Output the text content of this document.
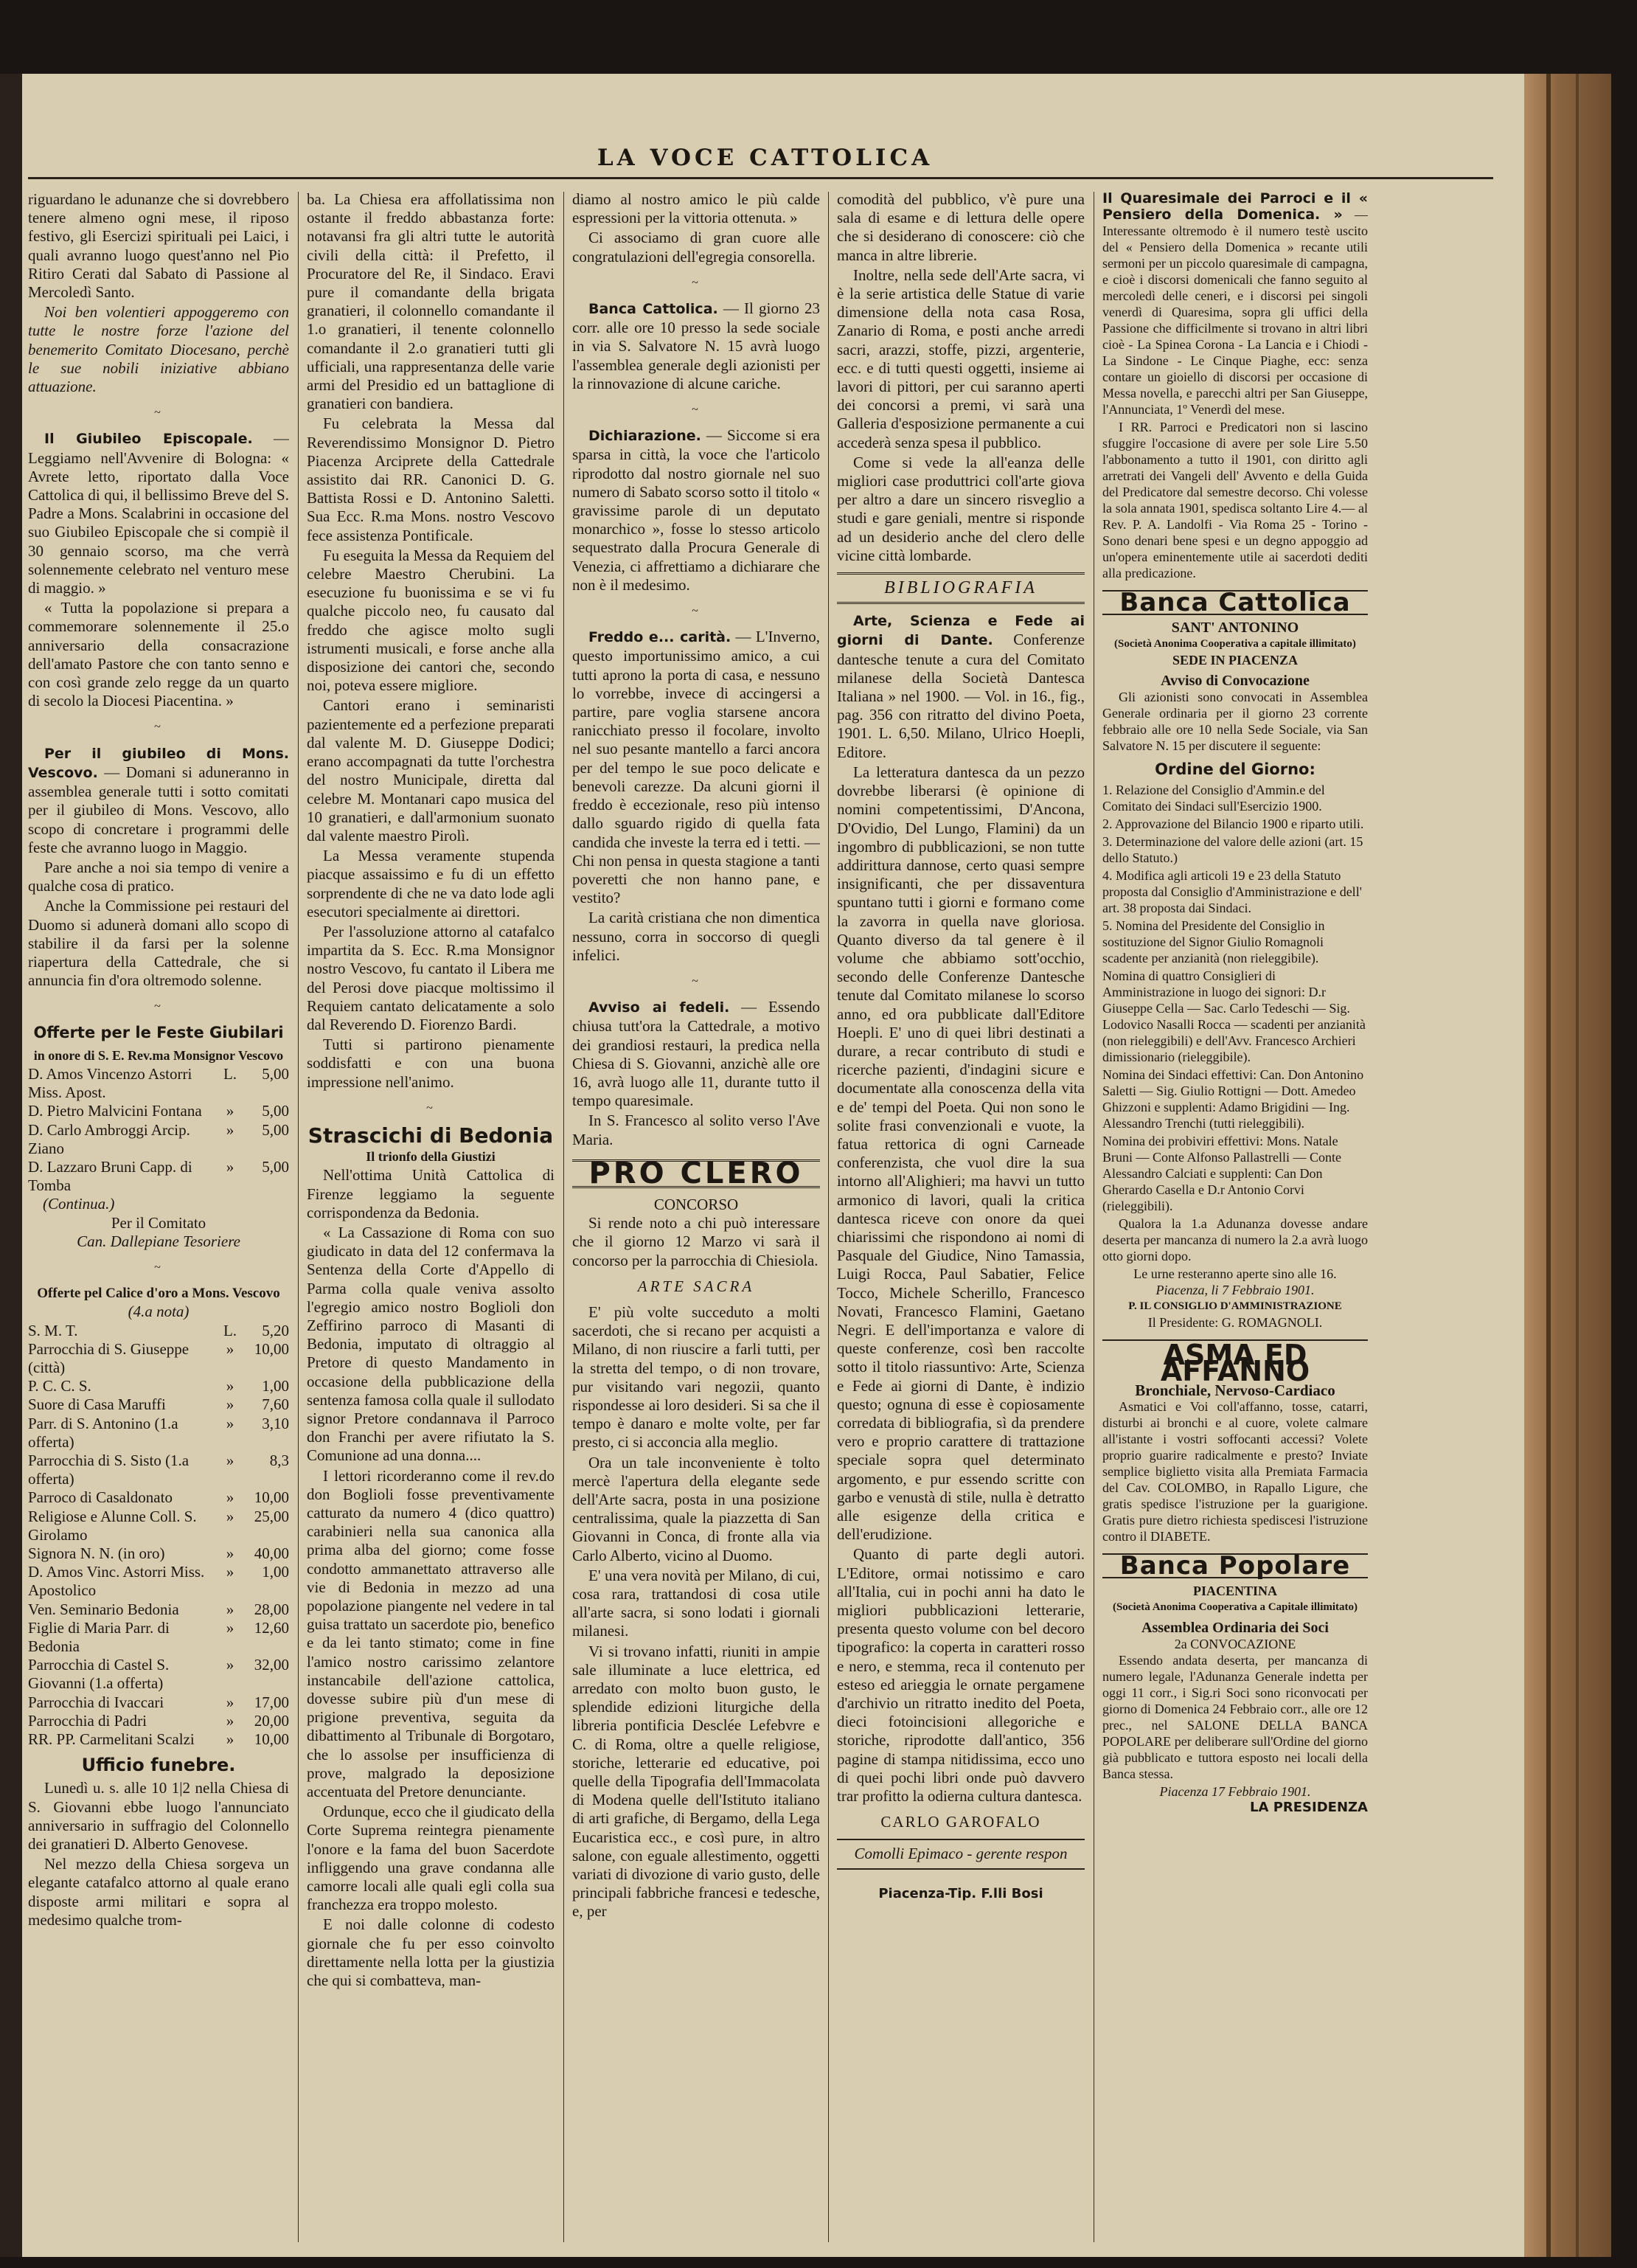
LA VOCE CATTOLICA

riguardano le adunanze che si dovrebbero tenere almeno ogni mese, il riposo festivo, gli Esercizi spirituali pei Laici, i quali avranno luogo quest'anno nel Pio Ritiro Cerati dal Sabato di Passione al Mercoledì Santo.

Noi ben volentieri appoggeremo con tutte le nostre forze l'azione del benemerito Comitato Diocesano, perchè le sue nobili iniziative abbiano attuazione.

~

Il Giubileo Episcopale. — Leggiamo nell'Avvenire di Bologna: « Avrete letto, riportato dalla Voce Cattolica di qui, il bellissimo Breve del S. Padre a Mons. Scalabrini in occasione del suo Giubileo Episcopale che si compiè il 30 gennaio scorso, ma che verrà solennemente celebrato nel venturo mese di maggio. »

« Tutta la popolazione si prepara a commemorare solennemente il 25.o anniversario della consacrazione dell'amato Pastore che con tanto senno e con così grande zelo regge da un quarto di secolo la Diocesi Piacentina. »

~

Per il giubileo di Mons. Vescovo. — Domani si aduneranno in assemblea generale tutti i sotto comitati per il giubileo di Mons. Vescovo, allo scopo di concretare i programmi delle feste che avranno luogo in Maggio.

Pare anche a noi sia tempo di venire a qualche cosa di pratico.

Anche la Commissione pei restauri del Duomo si adunerà domani allo scopo di stabilire il da farsi per la solenne riapertura della Cattedrale, che si annuncia fin d'ora oltremodo solenne.

~
Offerte per le Feste Giubilari
in onore di S. E. Rev.ma Monsignor Vescovo
D. Amos Vincenzo Astorri Miss. Apost.
L.	5,00
D. Pietro Malvicini Fontana	»	5,00
D. Carlo Ambroggi Arcip. Ziano
»	5,00
D. Lazzaro Bruni Capp. di Tomba
»	5,00
(Continua.)
Per il Comitato
Can. Dallepiane Tesoriere
~
Offerte pel Calice d'oro a Mons. Vescovo
(4.a nota)
S. M. T.	L.	5,20
Parrocchia di S. Giuseppe (città)
»	10,00
P. C. C. S.	»	1,00
Suore di Casa Maruffi	»	7,60
Parr. di S. Antonino (1.a offerta)
»	3,10
Parrocchia di S. Sisto (1.a offerta)
»	8,3
Parroco di Casaldonato	»	10,00
Religiose e Alunne Coll. S. Girolamo
»	25,00
Signora N. N. (in oro)	»	40,00
D. Amos Vinc. Astorri Miss. Apostolico
»	1,00
Ven. Seminario Bedonia	»	28,00
Figlie di Maria Parr. di Bedonia
»	12,60
Parrocchia di Castel S. Giovanni (1.a offerta)
»	32,00
Parrocchia di Ivaccari	»	17,00
Parrocchia di Padri	»	20,00
RR. PP. Carmelitani Scalzi	»	10,00
Ufficio funebre.

Lunedì u. s. alle 10 1|2 nella Chiesa di S. Giovanni ebbe luogo l'annunciato anniversario in suffragio del Colonnello dei granatieri D. Alberto Genovese.

Nel mezzo della Chiesa sorgeva un elegante catafalco attorno al quale erano disposte armi militari e sopra al medesimo qualche trom-

ba. La Chiesa era affollatissima non ostante il freddo abbastanza forte: notavansi fra gli altri tutte le autorità civili della città: il Prefetto, il Procuratore del Re, il Sindaco. Eravi pure il comandante della brigata granatieri, il colonnello comandante il 1.o granatieri, il tenente colonnello comandante il 2.o granatieri tutti gli ufficiali, una rappresentanza delle varie armi del Presidio ed un battaglione di granatieri con bandiera.

Fu celebrata la Messa dal Reverendissimo Monsignor D. Pietro Piacenza Arciprete della Cattedrale assistito dai RR. Canonici D. G. Battista Rossi e D. Antonino Saletti. Sua Ecc. R.ma Mons. nostro Vescovo fece assistenza Pontificale.

Fu eseguita la Messa da Requiem del celebre Maestro Cherubini. La esecuzione fu buonissima e se vi fu qualche piccolo neo, fu causato dal freddo che agisce molto sugli istrumenti musicali, e forse anche alla disposizione dei cantori che, secondo noi, poteva essere migliore.

Cantori erano i seminaristi pazientemente ed a perfezione preparati dal valente M. D. Giuseppe Dodici; erano accompagnati da tutte l'orchestra del nostro Municipale, diretta dal celebre M. Montanari capo musica del 10 granatieri, e dall'armonium suonato dal valente maestro Pirolì.

La Messa veramente stupenda piacque assaissimo e fu di un effetto sorprendente di che ne va dato lode agli esecutori specialmente ai direttori.

Per l'assoluzione attorno al catafalco impartita da S. Ecc. R.ma Monsignor nostro Vescovo, fu cantato il Libera me del Perosi dove piacque moltissimo il Requiem cantato delicatamente a solo dal Reverendo D. Fiorenzo Bardi.

Tutti si partirono pienamente soddisfatti e con una buona impressione nell'animo.

~
Strascichi di Bedonia
Il trionfo della Giustizi

Nell'ottima Unità Cattolica di Firenze leggiamo la seguente corrispondenza da Bedonia.

« La Cassazione di Roma con suo giudicato in data del 12 confermava la Sentenza della Corte d'Appello di Parma colla quale veniva assolto l'egregio amico nostro Boglioli don Zeffirino parroco di Masanti di Bedonia, imputato di oltraggio al Pretore di questo Mandamento in occasione della pubblicazione della sentenza famosa colla quale il sullodato signor Pretore condannava il Parroco don Franchi per avere rifiutato la S. Comunione ad una donna....

I lettori ricorderanno come il rev.do don Boglioli fosse preventivamente catturato da numero 4 (dico quattro) carabinieri nella sua canonica alla prima alba del giorno; come fosse condotto ammanettato attraverso alle vie di Bedonia in mezzo ad una popolazione piangente nel vedere in tal guisa trattato un sacerdote pio, benefico e da lei tanto stimato; come in fine l'amico nostro carissimo zelantore instancabile dell'azione cattolica, dovesse subire più d'un mese di prigione preventiva, seguita da dibattimento al Tribunale di Borgotaro, che lo assolse per insufficienza di prove, malgrado la deposizione accentuata del Pretore denunciante.

Ordunque, ecco che il giudicato della Corte Suprema reintegra pienamente l'onore e la fama del buon Sacerdote infliggendo una grave condanna alle camorre locali alle quali egli colla sua franchezza era troppo molesto.

E noi dalle colonne di codesto giornale che fu per esso coinvolto direttamente nella lotta per la giustizia che qui si combatteva, man-

diamo al nostro amico le più calde espressioni per la vittoria ottenuta. »

Ci associamo di gran cuore alle congratulazioni dell'egregia consorella.

~

Banca Cattolica. — Il giorno 23 corr. alle ore 10 presso la sede sociale in via S. Salvatore N. 15 avrà luogo l'assemblea generale degli azionisti per la rinnovazione di alcune cariche.

~

Dichiarazione. — Siccome si era sparsa in città, la voce che l'articolo riprodotto dal nostro giornale nel suo numero di Sabato scorso sotto il titolo « gravissime parole di un deputato monarchico », fosse lo stesso articolo sequestrato dalla Procura Generale di Venezia, ci affrettiamo a dichiarare che non è il medesimo.

~

Freddo e... carità. — L'Inverno, questo importunissimo amico, a cui tutti aprono la porta di casa, e nessuno lo vorrebbe, invece di accingersi a partire, pare voglia starsene ancora ranicchiato presso il focolare, involto nel suo pesante mantello a farci ancora per del tempo le sue poco delicate e benevoli carezze. Da alcuni giorni il freddo è eccezionale, reso più intenso dallo sguardo rigido di quella fata candida che investe la terra ed i tetti. — Chi non pensa in questa stagione a tanti poveretti che non hanno pane, e vestito?

La carità cristiana che non dimentica nessuno, corra in soccorso di quegli infelici.

~

Avviso ai fedeli. — Essendo chiusa tutt'ora la Cattedrale, a motivo dei grandiosi restauri, la predica nella Chiesa di S. Giovanni, anzichè alle ore 16, avrà luogo alle 11, durante tutto il tempo quaresimale.

In S. Francesco al solito verso l'Ave Maria.

PRO CLERO
CONCORSO

Si rende noto a chi può interessare che il giorno 12 Marzo vi sarà il concorso per la parrocchia di Chiesiola.

ARTE SACRA

E' più volte succeduto a molti sacerdoti, che si recano per acquisti a Milano, di non riuscire a farli tutti, per la stretta del tempo, o di non trovare, pur visitando vari negozii, quanto rispondesse ai loro desideri. Si sa che il tempo è danaro e molte volte, per far presto, ci si acconcia alla meglio.

Ora un tale inconveniente è tolto mercè l'apertura della elegante sede dell'Arte sacra, posta in una posizione centralissima, quale la piazzetta di San Giovanni in Conca, di fronte alla via Carlo Alberto, vicino al Duomo.

E' una vera novità per Milano, di cui, cosa rara, trattandosi di cosa utile all'arte sacra, si sono lodati i giornali milanesi.

Vi si trovano infatti, riuniti in ampie sale illuminate a luce elettrica, ed arredato con molto buon gusto, le splendide edizioni liturgiche della libreria pontificia Desclée Lefebvre e C. di Roma, oltre a quelle religiose, storiche, letterarie ed educative, poi quelle della Tipografia dell'Immacolata di Modena quelle dell'Istituto italiano di arti grafiche, di Bergamo, della Lega Eucaristica ecc., e così pure, in altro salone, con eguale allestimento, oggetti variati di divozione di vario gusto, delle principali fabbriche francesi e tedesche, e, per

comodità del pubblico, v'è pure una sala di esame e di lettura delle opere che si desiderano di conoscere: ciò che manca in altre librerie.

Inoltre, nella sede dell'Arte sacra, vi è la serie artistica delle Statue di varie dimensione della nota casa Rosa, Zanario di Roma, e posti anche arredi sacri, arazzi, stoffe, pizzi, argenterie, ecc. e di tutti questi oggetti, insieme ai lavori di pittori, per cui saranno aperti dei concorsi a premi, vi sarà una Galleria d'esposizione permanente a cui accederà senza spesa il pubblico.

Come si vede la all'eanza delle migliori case produttrici coll'arte giova per altro a dare un sincero risveglio a studi e gare geniali, mentre si risponde ad un desiderio anche del clero delle vicine città lombarde.

BIBLIOGRAFIA

Arte, Scienza e Fede ai giorni di Dante. Conferenze dantesche tenute a cura del Comitato milanese della Società Dantesca Italiana » nel 1900. — Vol. in 16., fig., pag. 356 con ritratto del divino Poeta, 1901. L. 6,50. Milano, Ulrico Hoepli, Editore.

La letteratura dantesca da un pezzo dovrebbe liberarsi (è opinione di nomini competentissimi, D'Ancona, D'Ovidio, Del Lungo, Flamini) da un ingombro di pubblicazioni, se non tutte addirittura dannose, certo quasi sempre insignificanti, che per dissaventura spuntano tutti i giorni e formano come la zavorra in quella nave gloriosa. Quanto diverso da tal genere è il volume che abbiamo sott'occhio, secondo delle Conferenze Dantesche tenute dal Comitato milanese lo scorso anno, ed ora pubblicate dall'Editore Hoepli. E' uno di quei libri destinati a durare, a recar contributo di studi e ricerche pazienti, d'indagini sicure e documentate alla conoscenza della vita e de' tempi del Poeta. Qui non sono le solite frasi convenzionali e vuote, la fatua rettorica di ogni Carneade conferenzista, che vuol dire la sua intorno all'Alighieri; ma havvi un tutto armonico di lavori, quali la critica dantesca riceve con onore da quei chiarissimi che rispondono ai nomi di Pasquale del Giudice, Nino Tamassia, Luigi Rocca, Paul Sabatier, Felice Tocco, Michele Scherillo, Francesco Novati, Francesco Flamini, Gaetano Negri. E dell'importanza e valore di queste conferenze, così ben raccolte sotto il titolo riassuntivo: Arte, Scienza e Fede ai giorni di Dante, è indizio questo; ognuna di esse è copiosamente corredata di bibliografia, sì da prendere vero e proprio carattere di trattazione speciale sopra quel determinato argomento, e pur essendo scritte con garbo e venustà di stile, nulla è detratto alle esigenze della critica e dell'erudizione.

Quanto di parte degli autori. L'Editore, ormai notissimo e caro all'Italia, cui in pochi anni ha dato le migliori pubblicazioni letterarie, presenta questo volume con bel decoro tipografico: la coperta in caratteri rosso e nero, e stemma, reca il contenuto per esteso ed arieggia le ornate pergamene d'archivio un ritratto inedito del Poeta, dieci fotoincisioni allegoriche e storiche, riprodotte dall'antico, 356 pagine di stampa nitidissima, ecco uno di quei pochi libri onde può davvero trar profitto la odierna cultura dantesca.

CARLO GAROFALO
Comolli Epimaco - gerente respon
Piacenza-Tip. F.lli Bosi

Il Quaresimale dei Parroci e il « Pensiero della Domenica. » — Interessante oltremodo è il numero testè uscito del « Pensiero della Domenica » recante utili sermoni per un piccolo quaresimale di campagna, e cioè i discorsi domenicali che fanno seguito al mercoledì delle ceneri, e i discorsi pei singoli venerdì di Quaresima, sopra gli uffici della Passione che difficilmente si trovano in altri libri cioè - La Spinea Corona - La Lancia e i Chiodi - La Sindone - Le Cinque Piaghe, ecc: senza contare un gioiello di discorsi per occasione di Messa novella, e parecchi altri per San Giuseppe, l'Annunciata, 1º Venerdì del mese.

I RR. Parroci e Predicatori non si lascino sfuggire l'occasione di avere per sole Lire 5.50 l'abbonamento a tutto il 1901, con diritto agli arretrati dei Vangeli dell' Avvento e della Guida del Predicatore dal semestre decorso. Chi volesse la sola annata 1901, spedisca soltanto Lire 4.— al Rev. P. A. Landolfi - Via Roma 25 - Torino - Sono denari bene spesi e un degno appoggio ad un'opera eminentemente utile ai sacerdoti dediti alla predicazione.

Banca Cattolica
SANT' ANTONINO
(Società Anonima Cooperativa a capitale illimitato)
SEDE IN PIACENZA
Avviso di Convocazione

Gli azionisti sono convocati in Assemblea Generale ordinaria per il giorno 23 corrente febbraio alle ore 10 nella Sede Sociale, via San Salvatore N. 15 per discutere il seguente:

Ordine del Giorno:
1. Relazione del Consiglio d'Ammin.e del Comitato dei Sindaci sull'Esercizio 1900.
2. Approvazione del Bilancio 1900 e riparto utili.
3. Determinazione del valore delle azioni (art. 15 dello Statuto.)
4. Modifica agli articoli 19 e 23 della Statuto proposta dal Consiglio d'Amministrazione e dell' art. 38 proposta dai Sindaci.
5. Nomina del Presidente del Consiglio in sostituzione del Signor Giulio Romagnoli scadente per anzianità (non rieleggibile).
Nomina di quattro Consiglieri di Amministrazione in luogo dei signori: D.r Giuseppe Cella — Sac. Carlo Tedeschi — Sig. Lodovico Nasalli Rocca — scadenti per anzianità (non rieleggibili) e dell'Avv. Francesco Archieri dimissionario (rieleggibile).
Nomina dei Sindaci effettivi: Can. Don Antonino Saletti — Sig. Giulio Rottigni — Dott. Amedeo Ghizzoni e supplenti: Adamo Brigidini — Ing. Alessandro Trenchi (tutti rieleggibili).
Nomina dei probiviri effettivi: Mons. Natale Bruni — Conte Alfonso Pallastrelli — Conte Alessandro Calciati e supplenti: Can Don Gherardo Casella e D.r Antonio Corvi (rieleggibili).

Qualora la 1.a Adunanza dovesse andare deserta per mancanza di numero la 2.a avrà luogo otto giorni dopo.

Le urne resteranno aperte sino alle 16.
Piacenza, li 7 Febbraio 1901.
P. IL CONSIGLIO D'AMMINISTRAZIONE
Il Presidente: G. ROMAGNOLI.
ASMA ED AFFANNO
Bronchiale, Nervoso-Cardiaco

Asmatici e Voi coll'affanno, tosse, catarri, disturbi ai bronchi e al cuore, volete calmare all'istante i vostri soffocanti accessi? Volete proprio guarire radicalmente e presto? Inviate semplice biglietto visita alla Premiata Farmacia del Cav. COLOMBO, in Rapallo Ligure, che gratis spedisce l'istruzione per la guarigione. Gratis pure dietro richiesta spediscesi l'istruzione contro il DIABETE.

Banca Popolare
PIACENTINA
(Società Anonima Cooperativa a Capitale illimitato)
Assemblea Ordinaria dei Soci
2a CONVOCAZIONE

Essendo andata deserta, per mancanza di numero legale, l'Adunanza Generale indetta per oggi 11 corr., i Sig.ri Soci sono riconvocati per giorno di Domenica 24 Febbraio corr., alle ore 12 prec., nel SALONE DELLA BANCA POPOLARE per deliberare sull'Ordine del giorno già pubblicato e tuttora esposto nei locali della Banca stessa.

Piacenza 17 Febbraio 1901.
LA PRESIDENZA
